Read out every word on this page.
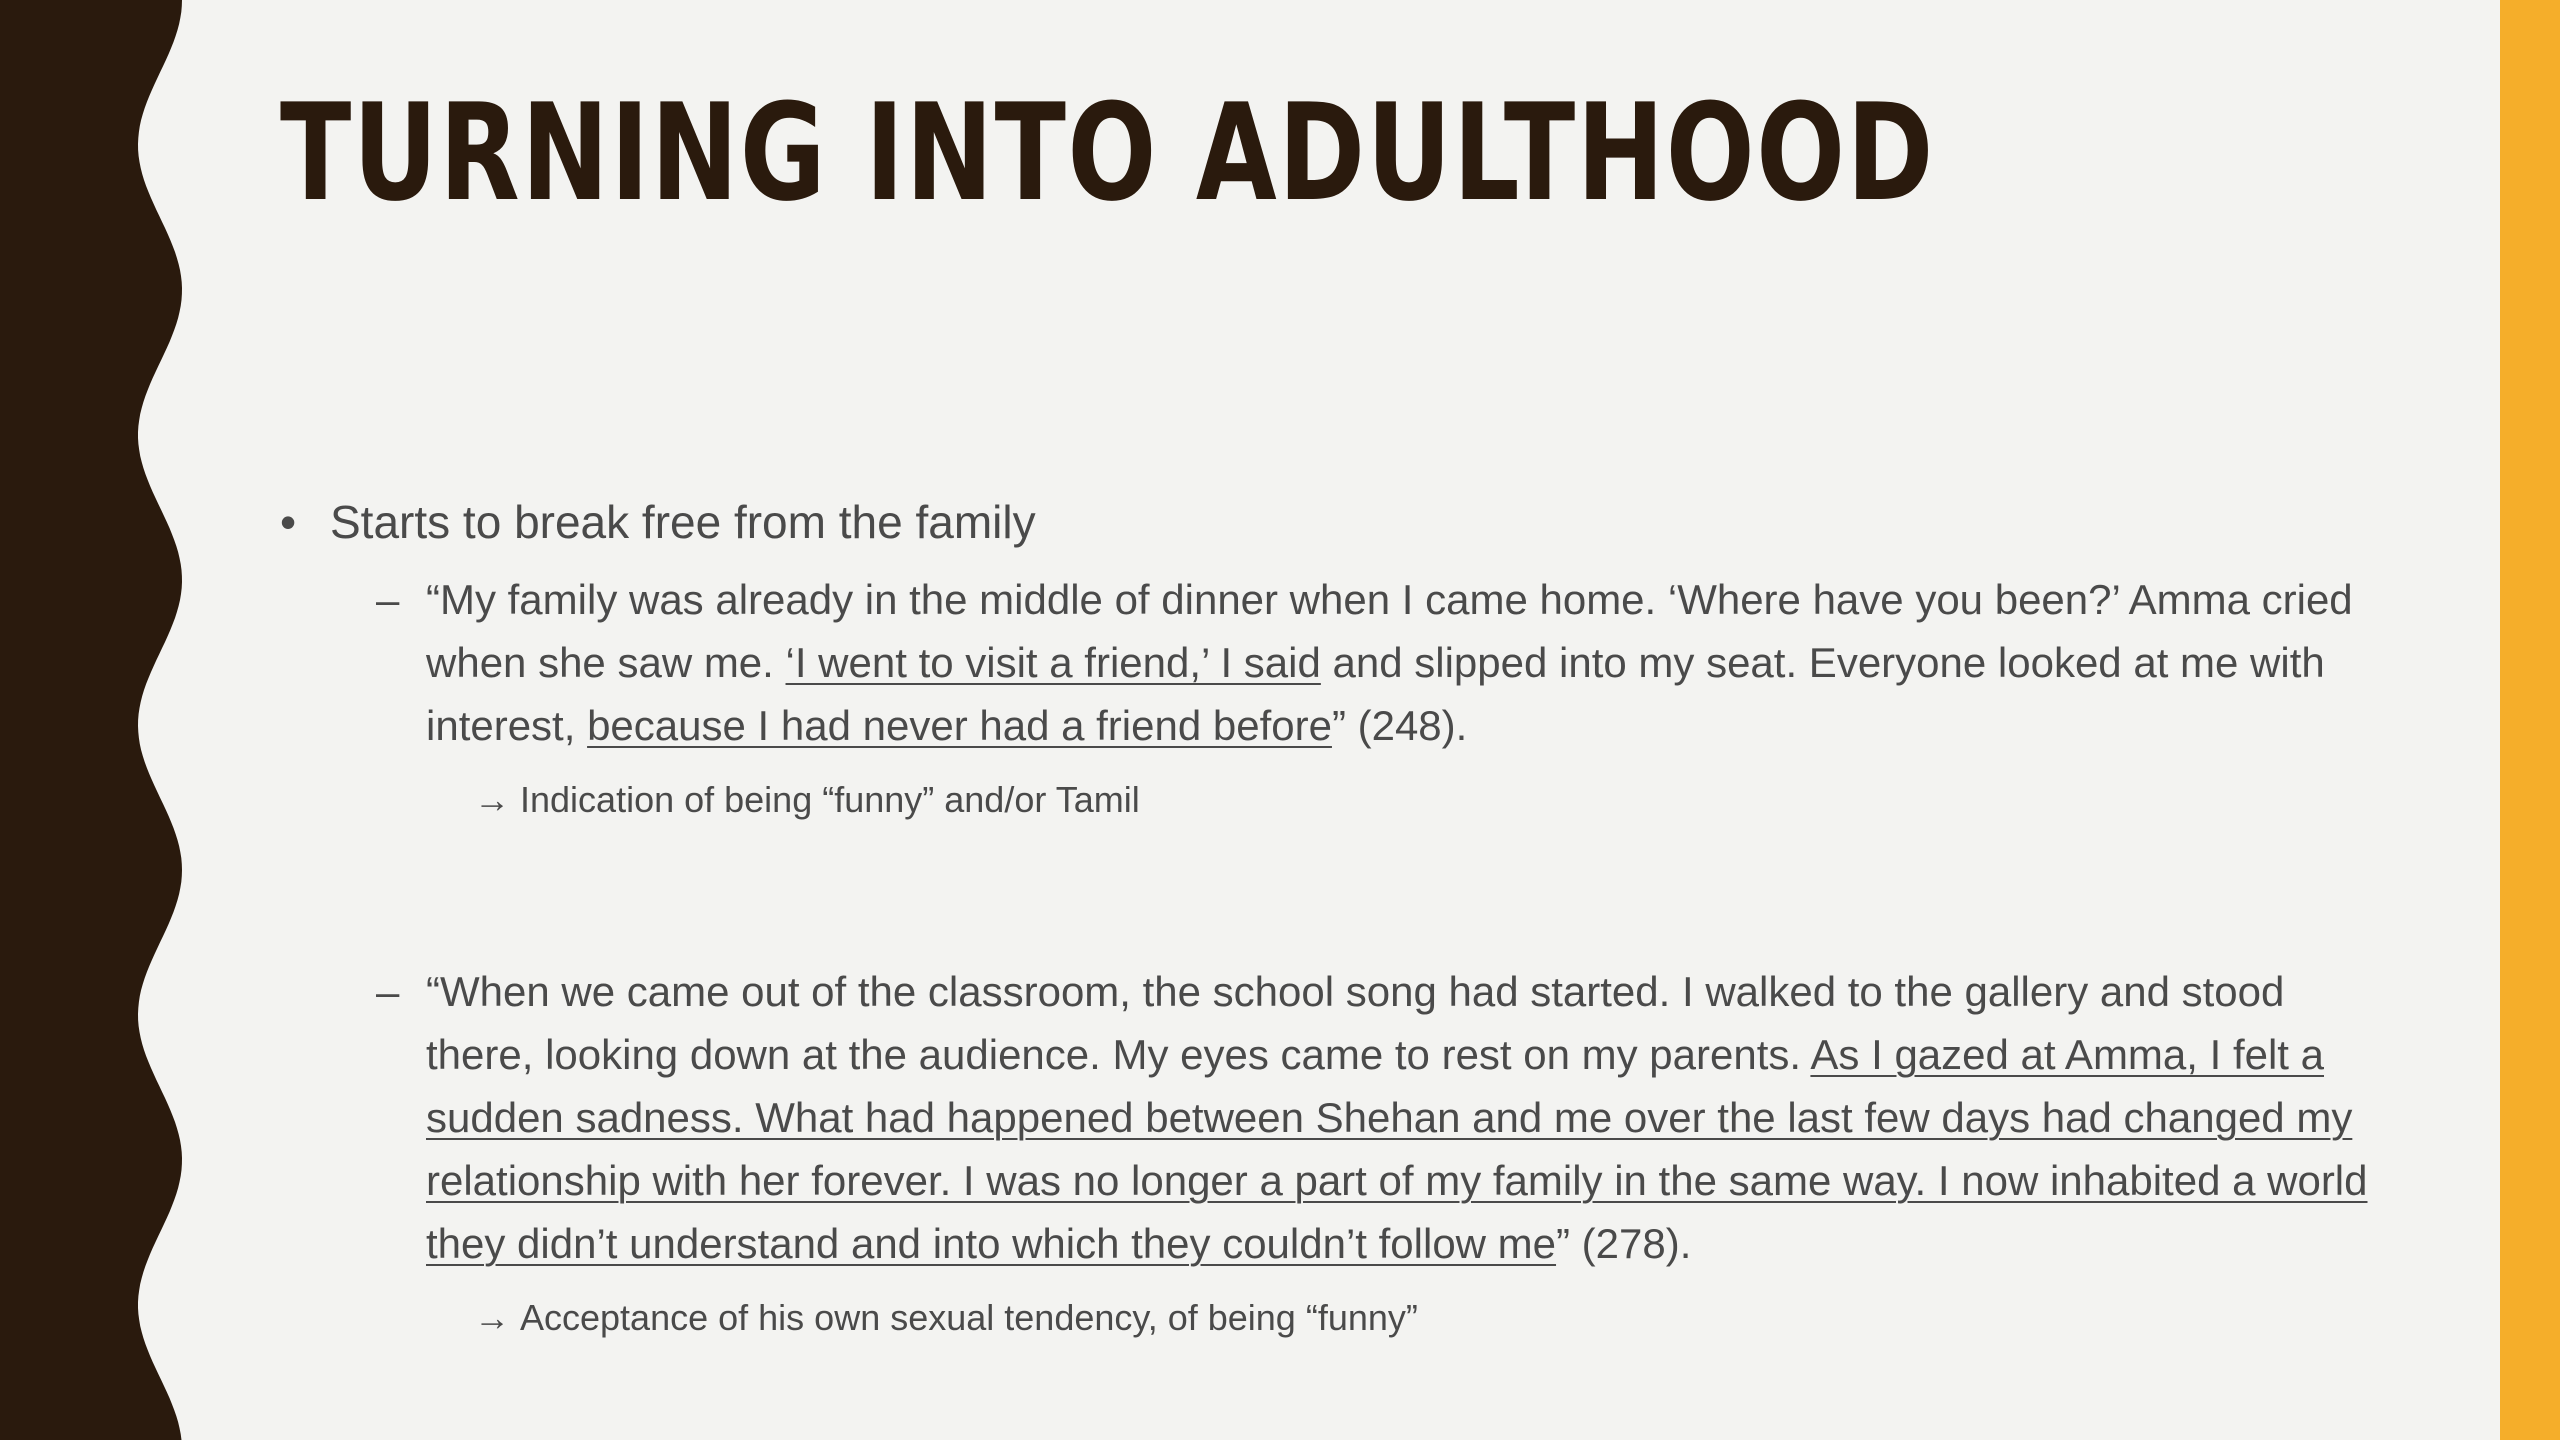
TURNING INTO ADULTHOOD
• Starts to break free from the family
– “My family was already in the middle of dinner when I came home. ‘Where have you been?’ Amma cried when she saw me. ‘I went to visit a friend,’ I said and slipped into my seat. Everyone looked at me with interest, because I had never had a friend before” (248).
→ Indication of being “funny” and/or Tamil
– “When we came out of the classroom, the school song had started. I walked to the gallery and stood there, looking down at the audience. My eyes came to rest on my parents. As I gazed at Amma, I felt a sudden sadness. What had happened between Shehan and me over the last few days had changed my relationship with her forever. I was no longer a part of my family in the same way. I now inhabited a world they didn’t understand and into which they couldn’t follow me” (278).
→ Acceptance of his own sexual tendency, of being “funny”
